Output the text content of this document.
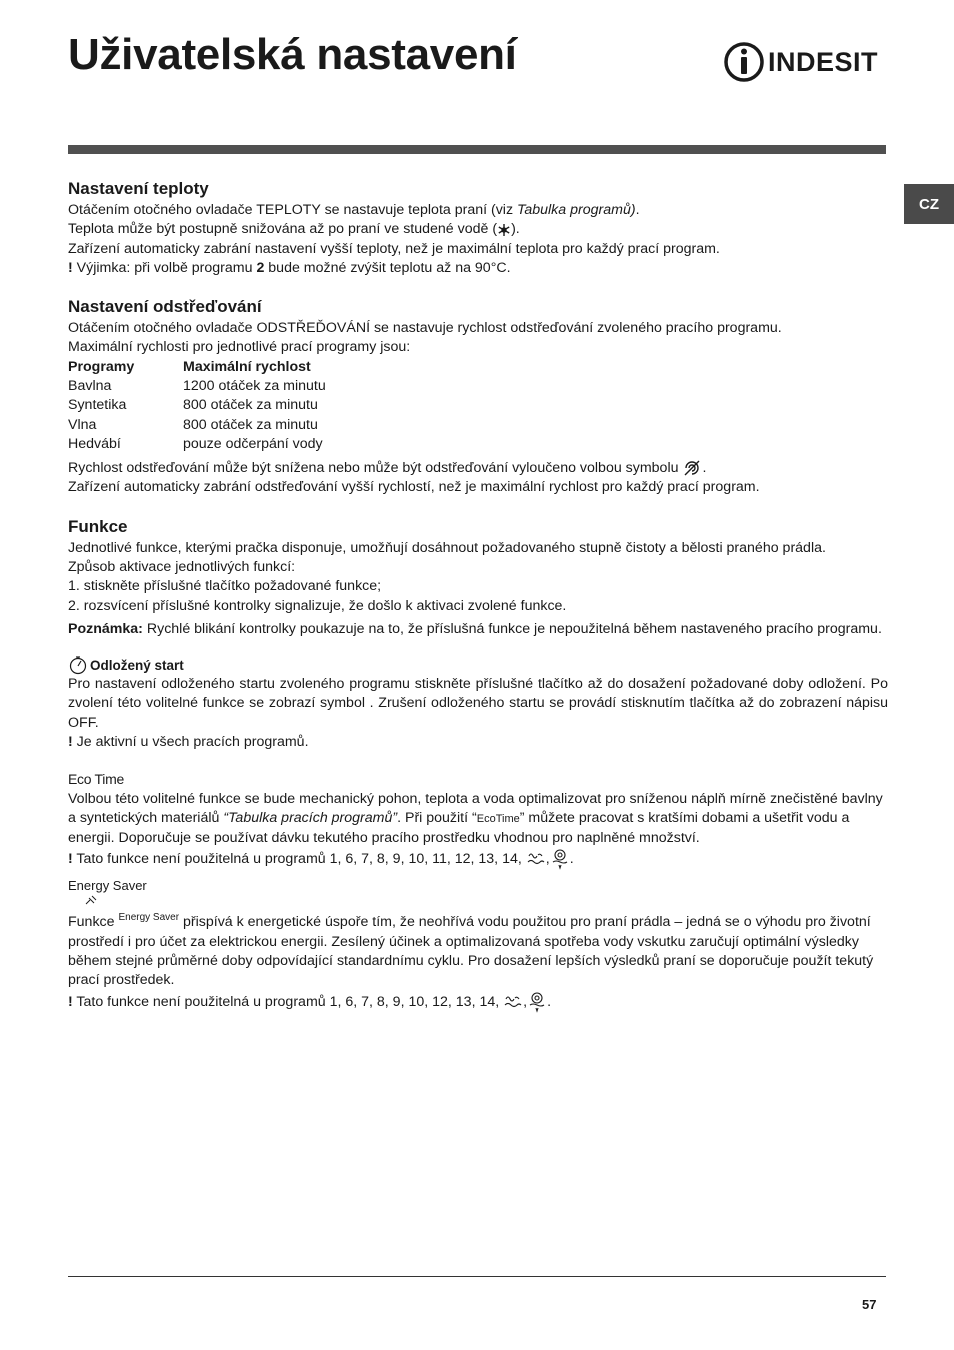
Uživatelská nastavení	INDESIT
CZ
Nastavení teploty

Otáčením otočného ovladače TEPLOTY se nastavuje teplota praní (viz Tabulka programů).

Teplota může být postupně snižována až po praní ve studené vodě ( ).

Zařízení automaticky zabrání nastavení vyšší teploty, než je maximální teplota pro každý prací program.

! Výjimka: při volbě programu 2 bude možné zvýšit teplotu až na 90°C.

Nastavení odstřeďování

Otáčením otočného ovladače ODSTŘEĎOVÁNÍ se nastavuje rychlost odstřeďování zvoleného pracího programu.

Maximální rychlosti pro jednotlivé prací programy jsou:

Programy	Maximální rychlost
Bavlna	1200 otáček za minutu
Syntetika	800 otáček za minutu
Vlna	800 otáček za minutu
Hedvábí	pouze odčerpání vody

Rychlost odstřeďování může být snížena nebo může být odstřeďování vyloučeno volbou symbolu .

Zařízení automaticky zabrání odstřeďování vyšší rychlostí, než je maximální rychlost pro každý prací program.

Funkce

Jednotlivé funkce, kterými pračka disponuje, umožňují dosáhnout požadovaného stupně čistoty a bělosti praného prádla.

Způsob aktivace jednotlivých funkcí:

1. stiskněte příslušné tlačítko požadované funkce;

2. rozsvícení příslušné kontrolky signalizuje, že došlo k aktivaci zvolené funkce.

Poznámka: Rychlé blikání kontrolky poukazuje na to, že příslušná funkce je nepoužitelná během nastaveného pracího programu.

Odložený start

Pro nastavení odloženého startu zvoleného programu stiskněte příslušné tlačítko až do dosažení požadované doby odložení. Po zvolení této volitelné funkce se zobrazí symbol . Zrušení odloženého startu se provádí stisknutím tlačítka až do zobrazení nápisu OFF.

! Je aktivní u všech pracích programů.

Eco Time

Volbou této volitelné funkce se bude mechanický pohon, teplota a voda optimalizovat pro sníženou náplň mírně znečistěné bavlny a syntetických materiálů “Tabulka pracích programů”. Při použití “EcoTime” můžete pracovat s kratšími dobami a ušetřit vodu a energii. Doporučuje se používat dávku tekutého pracího prostředku vhodnou pro naplněné množství.

! Tato funkce není použitelná u programů 1, 6, 7, 8, 9, 10, 11, 12, 13, 14, , .

Energy Saver

Funkce $^{Energy Saver}$ přispívá k energetické úspoře tím, že neohřívá vodu použitou pro praní prádla – jedná se o výhodu pro životní prostředí i pro účet za elektrickou energii. Zesílený účinek a optimalizovaná spotřeba vody vskutku zaručují optimální výsledky během stejné průměrné doby odpovídající standardnímu cyklu. Pro dosažení lepších výsledků praní se doporučuje použít tekutý prací prostředek.

! Tato funkce není použitelná u programů 1, 6, 7, 8, 9, 10, 12, 13, 14, , .

57
